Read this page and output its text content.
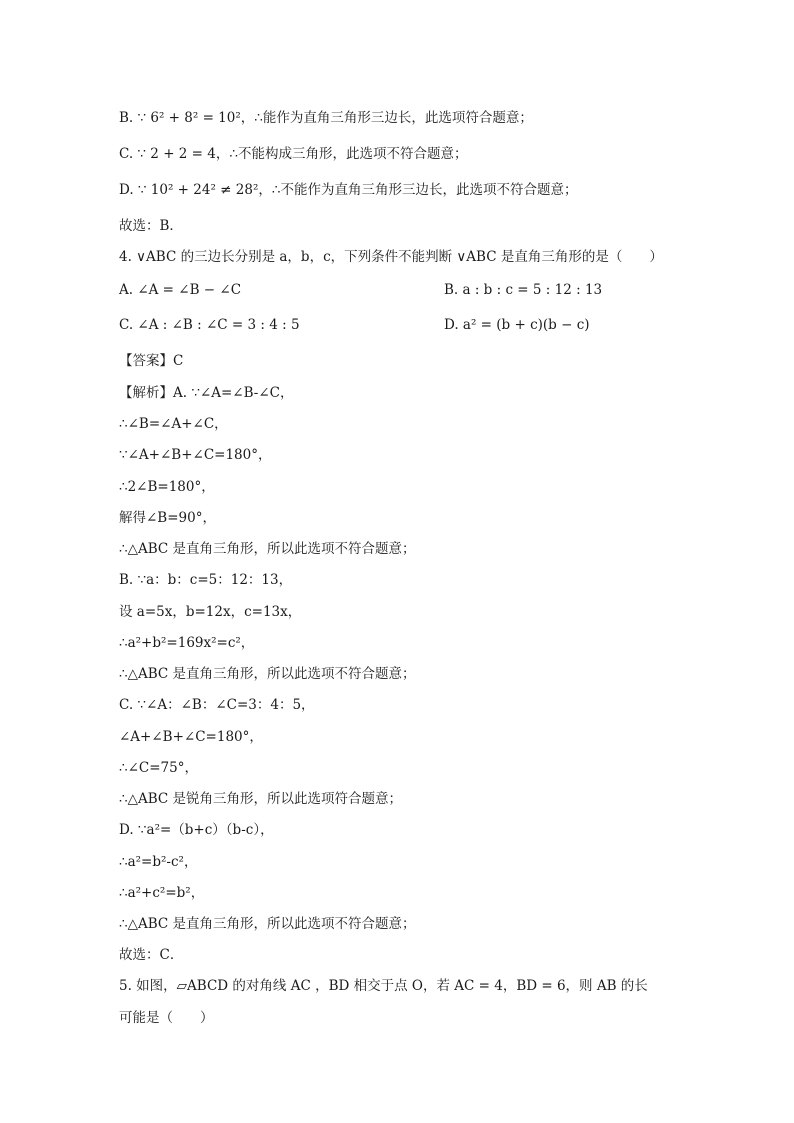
B. ∵ 6² + 8² = 10²，∴能作为直角三角形三边长，此选项符合题意；
C. ∵ 2 + 2 = 4，∴不能构成三角形，此选项不符合题意；
D. ∵ 10² + 24² ≠ 28²，∴不能作为直角三角形三边长，此选项不符合题意；
故选：B．
4. ∨ABC 的三边长分别是 a，b，c，下列条件不能判断 ∨ABC 是直角三角形的是（　　）
A. ∠A = ∠B − ∠C	B. a : b : c = 5 : 12 : 13
C. ∠A : ∠B : ∠C = 3 : 4 : 5	D. a² = (b + c)(b − c)
【答案】C
【解析】A. ∵∠A=∠B-∠C，
∴∠B=∠A+∠C，
∵∠A+∠B+∠C=180°，
∴2∠B=180°，
解得∠B=90°，
∴△ABC 是直角三角形，所以此选项不符合题意；
B. ∵a：b：c=5：12：13，
设 a=5x，b=12x，c=13x，
∴a²+b²=169x²=c²，
∴△ABC 是直角三角形，所以此选项不符合题意；
C. ∵∠A：∠B：∠C=3：4：5，
∠A+∠B+∠C=180°，
∴∠C=75°，
∴△ABC 是锐角三角形，所以此选项符合题意；
D. ∵a²=（b+c）（b-c），
∴a²=b²-c²，
∴a²+c²=b²，
∴△ABC 是直角三角形，所以此选项不符合题意；
故选：C．
5. 如图，▱ABCD 的对角线 AC ，BD 相交于点 O，若 AC = 4，BD = 6，则 AB 的长
可能是（　　）
